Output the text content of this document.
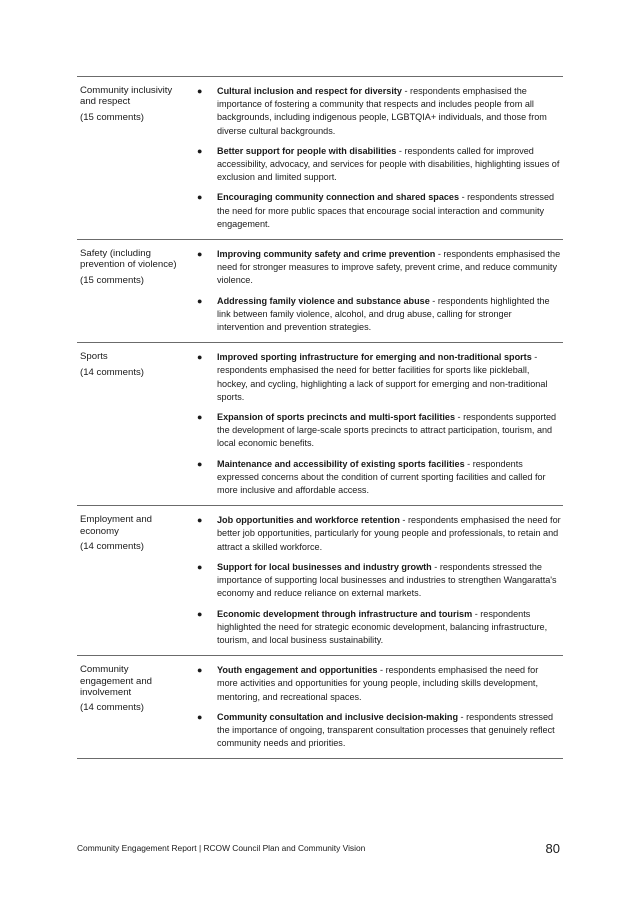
Community inclusivity and respect
(15 comments)
●	Cultural inclusion and respect for diversity - respondents emphasised the importance of fostering a community that respects and includes people from all backgrounds, including indigenous people, LGBTQIA+ individuals, and those from diverse cultural backgrounds.
●	Better support for people with disabilities - respondents called for improved accessibility, advocacy, and services for people with disabilities, highlighting issues of exclusion and limited support.
●	Encouraging community connection and shared spaces - respondents stressed the need for more public spaces that encourage social interaction and community engagement.
Safety (including prevention of violence)
(15 comments)
●	Improving community safety and crime prevention - respondents emphasised the need for stronger measures to improve safety, prevent crime, and reduce community violence.
●	Addressing family violence and substance abuse - respondents highlighted the link between family violence, alcohol, and drug abuse, calling for stronger intervention and prevention strategies.
Sports
(14 comments)
●	Improved sporting infrastructure for emerging and non-traditional sports - respondents emphasised the need for better facilities for sports like pickleball, hockey, and cycling, highlighting a lack of support for emerging and non-traditional sports.
●	Expansion of sports precincts and multi-sport facilities - respondents supported the development of large-scale sports precincts to attract participation, tourism, and local economic benefits.
●	Maintenance and accessibility of existing sports facilities - respondents expressed concerns about the condition of current sporting facilities and called for more inclusive and affordable access.
Employment and economy
(14 comments)
●	Job opportunities and workforce retention - respondents emphasised the need for better job opportunities, particularly for young people and professionals, to retain and attract a skilled workforce.
●	Support for local businesses and industry growth - respondents stressed the importance of supporting local businesses and industries to strengthen Wangaratta's economy and reduce reliance on external markets.
●	Economic development through infrastructure and tourism - respondents highlighted the need for strategic economic development, balancing infrastructure, tourism, and local business sustainability.
Community engagement and involvement
(14 comments)
●	Youth engagement and opportunities - respondents emphasised the need for more activities and opportunities for young people, including skills development, mentoring, and recreational spaces.
●	Community consultation and inclusive decision-making - respondents stressed the importance of ongoing, transparent consultation processes that genuinely reflect community needs and priorities.
Community Engagement Report | RCOW Council Plan and Community Vision	80
